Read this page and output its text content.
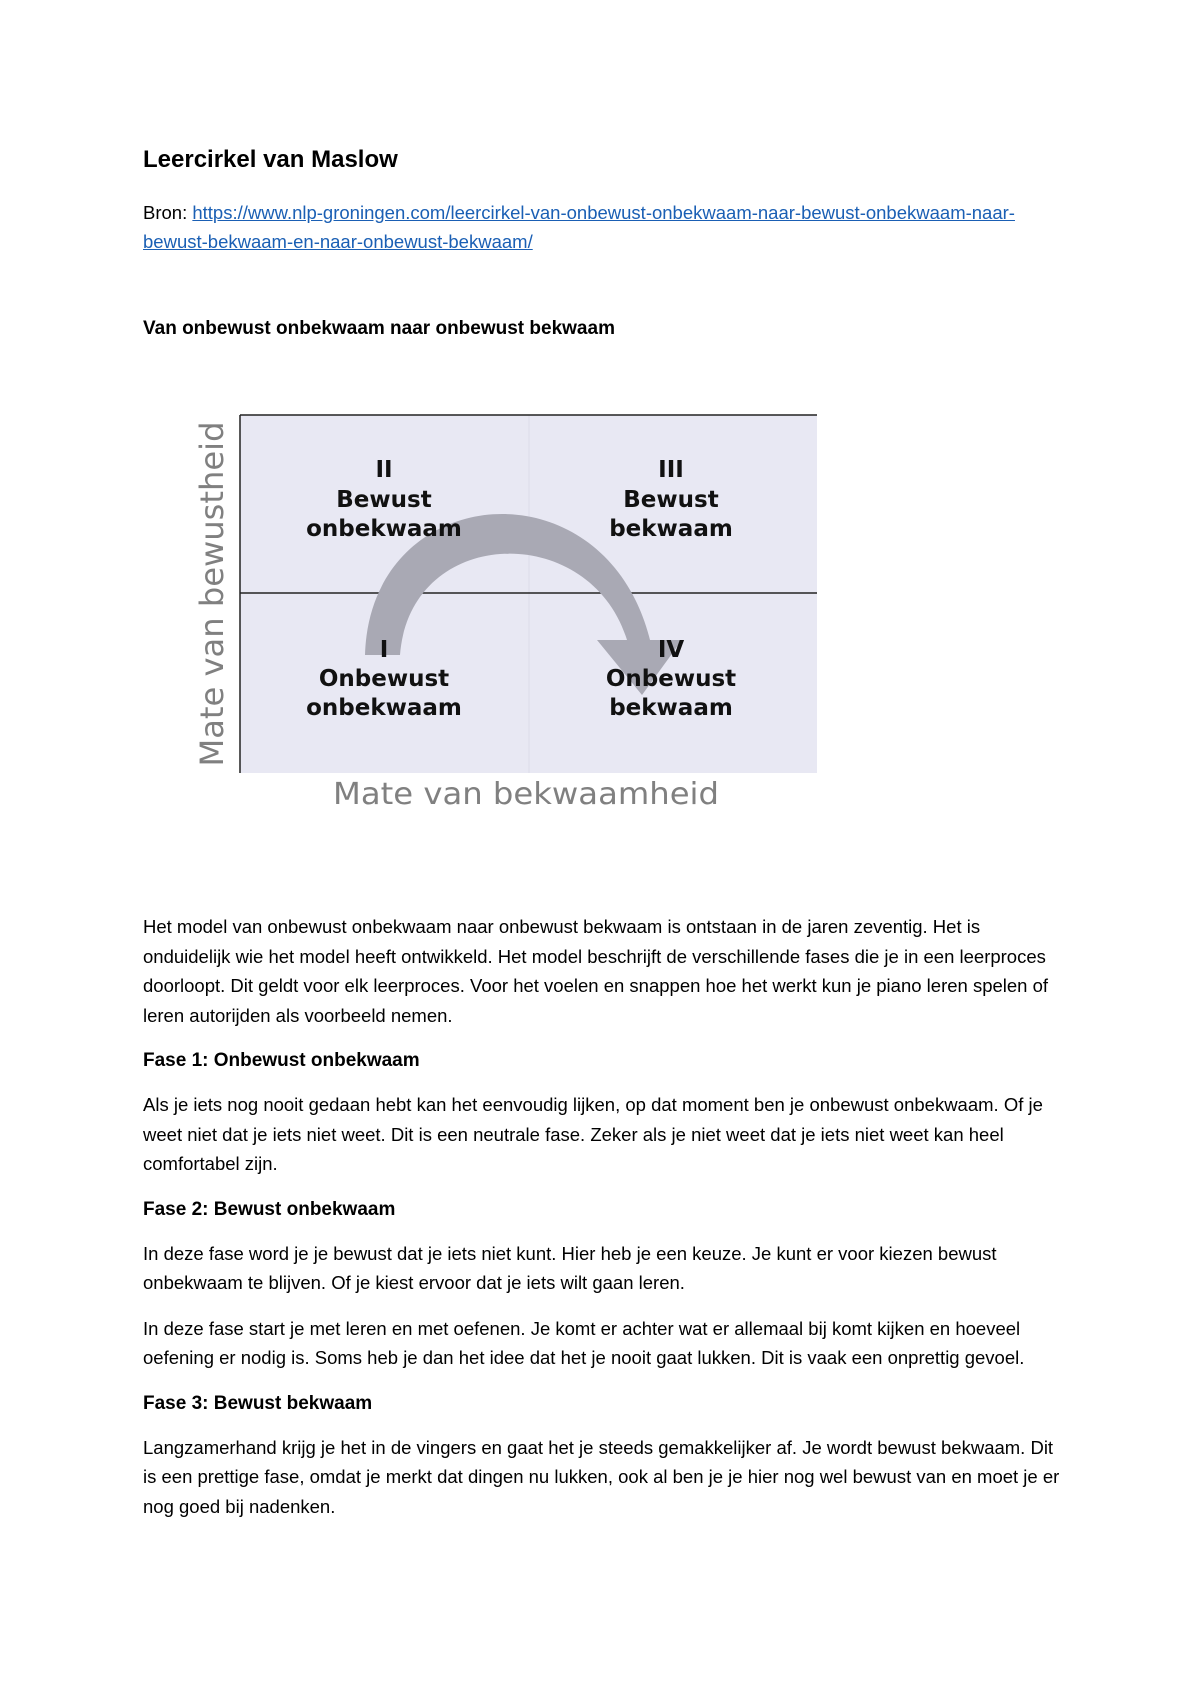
Leercirkel van Maslow

Bron: https://www.nlp-groningen.com/leercirkel-van-onbewust-onbekwaam-naar-bewust-onbekwaam-naar-bewust-bekwaam-en-naar-onbewust-bekwaam/

Van onbewust onbekwaam naar onbewust bekwaam
II
Bewust
onbekwaam
III
Bewust
bekwaam
I
Onbewust
onbekwaam
IV
Onbewust
bekwaam
Mate van bewustheid
Mate van bekwaamheid

Het model van onbewust onbekwaam naar onbewust bekwaam is ontstaan in de jaren zeventig. Het is onduidelijk wie het model heeft ontwikkeld. Het model beschrijft de verschillende fases die je in een leerproces doorloopt. Dit geldt voor elk leerproces. Voor het voelen en snappen hoe het werkt kun je piano leren spelen of leren autorijden als voorbeeld nemen.

Fase 1: Onbewust onbekwaam

Als je iets nog nooit gedaan hebt kan het eenvoudig lijken, op dat moment ben je onbewust onbekwaam. Of je weet niet dat je iets niet weet. Dit is een neutrale fase. Zeker als je niet weet dat je iets niet weet kan heel comfortabel zijn.

Fase 2: Bewust onbekwaam

In deze fase word je je bewust dat je iets niet kunt. Hier heb je een keuze. Je kunt er voor kiezen bewust onbekwaam te blijven. Of je kiest ervoor dat je iets wilt gaan leren.

In deze fase start je met leren en met oefenen. Je komt er achter wat er allemaal bij komt kijken en hoeveel oefening er nodig is. Soms heb je dan het idee dat het je nooit gaat lukken. Dit is vaak een onprettig gevoel.

Fase 3: Bewust bekwaam

Langzamerhand krijg je het in de vingers en gaat het je steeds gemakkelijker af. Je wordt bewust bekwaam. Dit is een prettige fase, omdat je merkt dat dingen nu lukken, ook al ben je je hier nog wel bewust van en moet je er nog goed bij nadenken.
